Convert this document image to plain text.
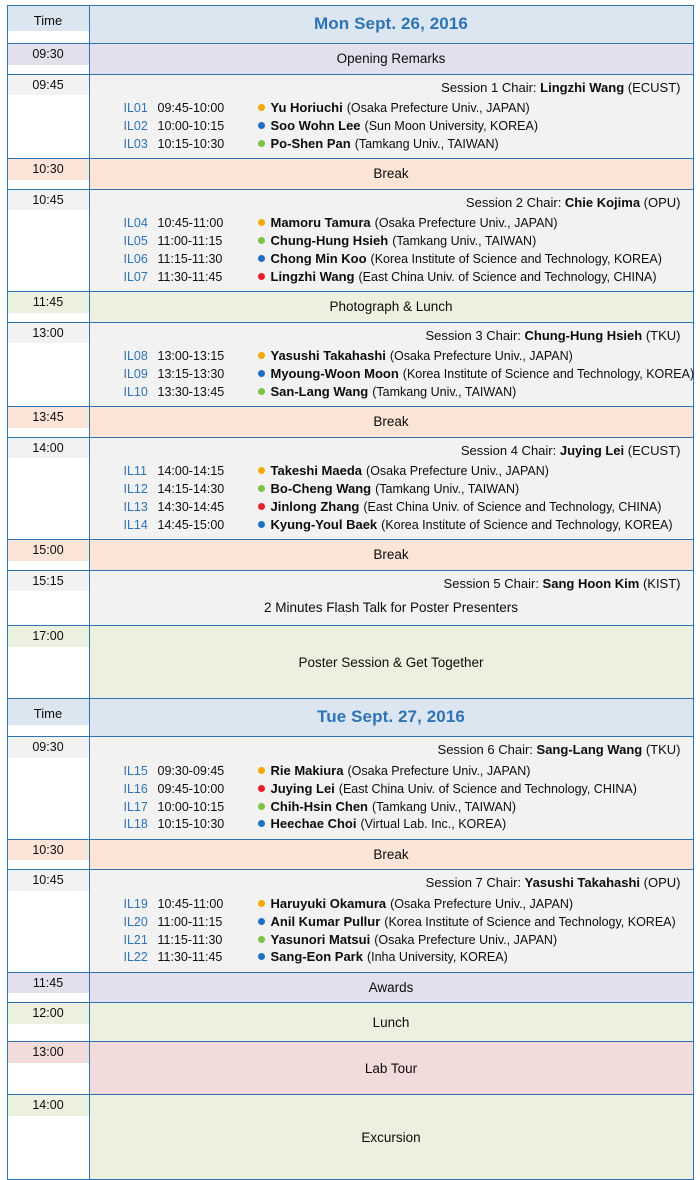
Time	Mon Sept. 26, 2016

09:30	Opening Remarks

09:45	Session 1 Chair: Lingzhi Wang (ECUST)
IL01 09:45-10:00	Yu Horiuchi (Osaka Prefecture Univ., JAPAN)
IL02 10:00-10:15	Soo Wohn Lee (Sun Moon University, KOREA)
IL03 10:15-10:30	Po-Shen Pan (Tamkang Univ., TAIWAN)

10:30	Break

10:45	Session 2 Chair: Chie Kojima (OPU)
IL04 10:45-11:00	Mamoru Tamura (Osaka Prefecture Univ., JAPAN)
IL05 11:00-11:15	Chung-Hung Hsieh (Tamkang Univ., TAIWAN)
IL06 11:15-11:30	Chong Min Koo (Korea Institute of Science and Technology, KOREA)
IL07 11:30-11:45	Lingzhi Wang (East China Univ. of Science and Technology, CHINA)

11:45	Photograph & Lunch

13:00	Session 3 Chair: Chung-Hung Hsieh (TKU)
IL08 13:00-13:15	Yasushi Takahashi (Osaka Prefecture Univ., JAPAN)
IL09 13:15-13:30	Myoung-Woon Moon (Korea Institute of Science and Technology, KOREA)
IL10 13:30-13:45	San-Lang Wang (Tamkang Univ., TAIWAN)

13:45	Break

14:00	Session 4 Chair: Juying Lei (ECUST)
IL11 14:00-14:15	Takeshi Maeda (Osaka Prefecture Univ., JAPAN)
IL12 14:15-14:30	Bo-Cheng Wang (Tamkang Univ., TAIWAN)
IL13 14:30-14:45	Jinlong Zhang (East China Univ. of Science and Technology, CHINA)
IL14 14:45-15:00	Kyung-Youl Baek (Korea Institute of Science and Technology, KOREA)

15:00	Break

15:15	Session 5 Chair: Sang Hoon Kim (KIST)
2 Minutes Flash Talk for Poster Presenters

17:00	Poster Session & Get Together

Time	Tue Sept. 27, 2016

09:30	Session 6 Chair: Sang-Lang Wang (TKU)
IL15 09:30-09:45	Rie Makiura (Osaka Prefecture Univ., JAPAN)
IL16 09:45-10:00	Juying Lei (East China Univ. of Science and Technology, CHINA)
IL17 10:00-10:15	Chih-Hsin Chen (Tamkang Univ., TAIWAN)
IL18 10:15-10:30	Heechae Choi (Virtual Lab. Inc., KOREA)

10:30	Break

10:45	Session 7 Chair: Yasushi Takahashi (OPU)
IL19 10:45-11:00	Haruyuki Okamura (Osaka Prefecture Univ., JAPAN)
IL20 11:00-11:15	Anil Kumar Pullur (Korea Institute of Science and Technology, KOREA)
IL21 11:15-11:30	Yasunori Matsui (Osaka Prefecture Univ., JAPAN)
IL22 11:30-11:45	Sang-Eon Park (Inha University, KOREA)

11:45	Awards

12:00	Lunch

13:00	Lab Tour

14:00	Excursion
